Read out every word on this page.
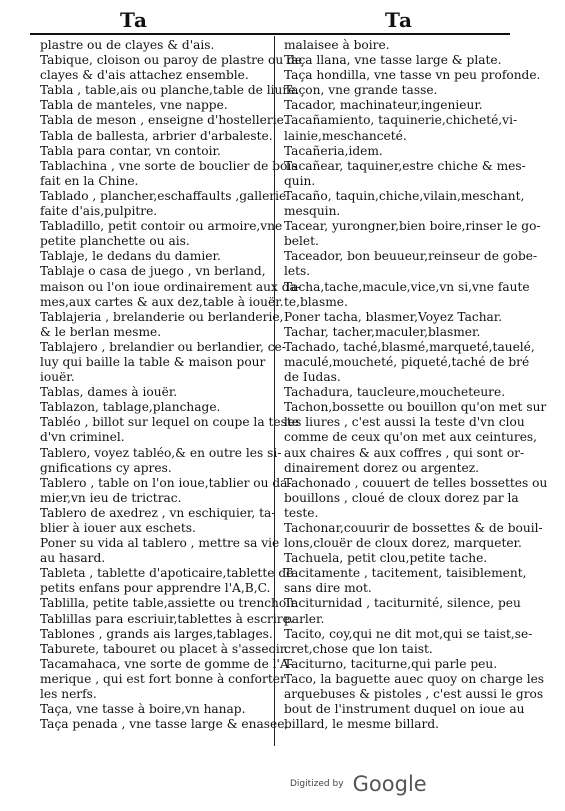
Ta	Ta
plastre ou de clayes & d'ais.
Tabique, cloison ou paroy de plastre ou de
clayes & d'ais attachez ensemble.
Tabla , table,ais ou planche,table de liure.
Tabla de manteles, vne nappe.
Tabla de meson , enseigne d'hostellerie.
Tabla de ballesta, arbrier d'arbaleste.
Tabla para contar, vn contoir.
Tablachina , vne sorte de bouclier de bois
fait en la Chine.
Tablado , plancher,eschaffaults ,gallerie
faite d'ais,pulpitre.
Tabladillo, petit contoir ou armoire,vne
petite planchette ou ais.
Tablaje, le dedans du damier.
Tablaje o casa de juego , vn berland,
maison ou l'on ioue ordinairement aux da-
mes,aux cartes & aux dez,table à iouër.
Tablajeria , brelanderie ou berlanderie,
& le berlan mesme.
Tablajero , brelandier ou berlandier, ce-
luy qui baille la table & maison pour
iouër.
Tablas, dames à iouër.
Tablazon, tablage,planchage.
Tabléo , billot sur lequel on coupe la teste
d'vn criminel.
Tablero, voyez tabléo,& en outre les si-
gnifications cy apres.
Tablero , table on l'on ioue,tablier ou da-
mier,vn ieu de trictrac.
Tablero de axedrez , vn eschiquier, ta-
blier à iouer aux eschets.
Poner su vida al tablero , mettre sa vie
au hasard.
Tableta , tablette d'apoticaire,tablette de
petits enfans pour apprendre l'A,B,C.
Tablilla, petite table,assiette ou trenchoir.
Tablillas para escriuir,tablettes à escrire.
Tablones , grands ais larges,tablages.
Taburete, tabouret ou placet à s'asseoir.
Tacamahaca, vne sorte de gomme de l'A-
merique , qui est fort bonne à conforter
les nerfs.
Taça, vne tasse à boire,vn hanap.
Taça penada , vne tasse large & enasee,
malaisee à boire.
Taça llana, vne tasse large & plate.
Taça hondilla, vne tasse vn peu profonde.
Taçon, vne grande tasse.
Tacador, machinateur,ingenieur.
Tacañamiento, taquinerie,chicheté,vi-
lainie,meschanceté.
Tacañeria,idem.
Tacañear, taquiner,estre chiche & mes-
quin.
Tacaño, taquin,chiche,vilain,meschant,
mesquin.
Tacear, yurongner,bien boire,rinser le go-
belet.
Taceador, bon beuueur,reinseur de gobe-
lets.
Tacha,tache,macule,vice,vn si,vne faute
te,blasme.
Poner tacha, blasmer,Voyez Tachar.
Tachar, tacher,maculer,blasmer.
Tachado, taché,blasmé,marqueté,tauelé,
maculé,moucheté, piqueté,taché de bré
de Iudas.
Tachadura, taucleure,moucheteure.
Tachon,bossette ou bouillon qu'on met sur
les liures , c'est aussi la teste d'vn clou
comme de ceux qu'on met aux ceintures,
aux chaires & aux coffres , qui sont or-
dinairement dorez ou argentez.
Tachonado , couuert de telles bossettes ou
bouillons , cloué de cloux dorez par la
teste.
Tachonar,couurir de bossettes & de bouil-
lons,clouër de cloux dorez, marqueter.
Tachuela, petit clou,petite tache.
Tacitamente , tacitement, taisiblement,
sans dire mot.
Taciturnidad , taciturnité, silence, peu
parler.
Tacito, coy,qui ne dit mot,qui se taist,se-
cret,chose que lon taist.
Taciturno, taciturne,qui parle peu.
Taco, la baguette auec quoy on charge les
arquebuses & pistoles , c'est aussi le gros
bout de l'instrument duquel on ioue au
billard, le mesme billard.
Digitized by Google
